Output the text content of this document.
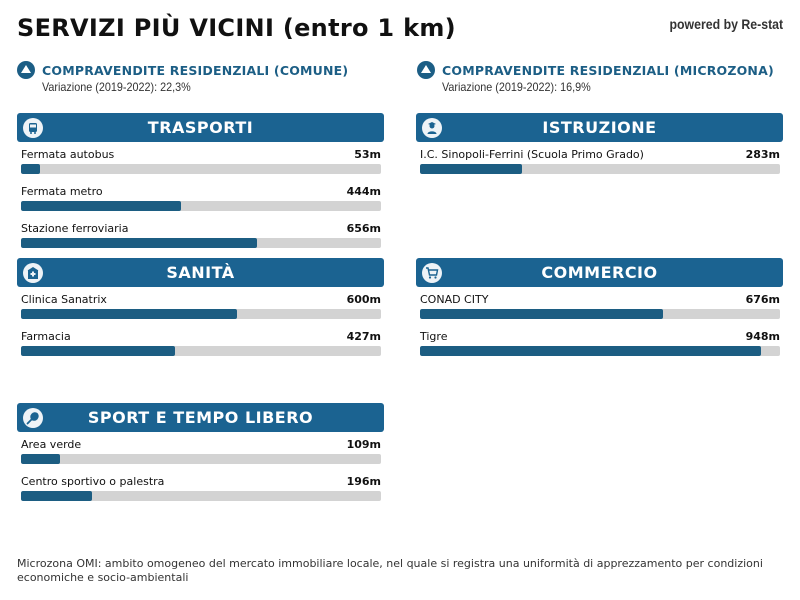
SERVIZI PIÙ VICINI (entro 1 km)	powered by Re-stat
COMPRAVENDITE RESIDENZIALI (COMUNE)
Variazione (2019-2022): 22,3%
COMPRAVENDITE RESIDENZIALI (MICROZONA)
Variazione (2019-2022): 16,9%
TRASPORTI
Fermata autobus	53m
Fermata metro	444m
Stazione ferroviaria	656m
ISTRUZIONE
I.C. Sinopoli-Ferrini (Scuola Primo Grado)	283m
SANITÀ
Clinica Sanatrix	600m
Farmacia	427m
COMMERCIO
CONAD CITY	676m
Tigre	948m
SPORT E TEMPO LIBERO
Area verde	109m
Centro sportivo o palestra	196m
Microzona OMI: ambito omogeneo del mercato immobiliare locale, nel quale si registra una uniformità di apprezzamento per condizioni economiche e socio-ambientali
